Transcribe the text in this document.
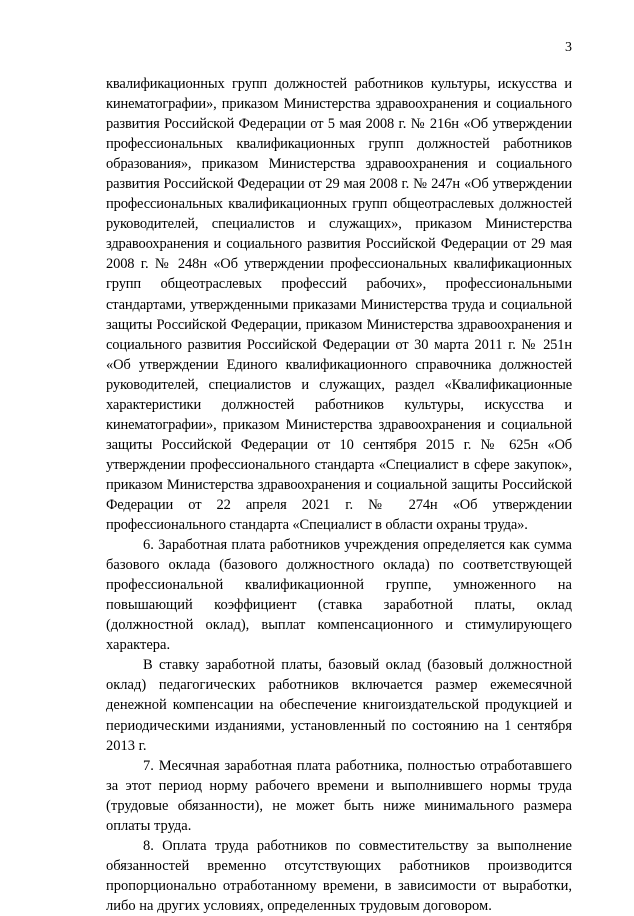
3

квалификационных групп должностей работников культуры, искусства и кинематографии», приказом Министерства здравоохранения и социального развития Российской Федерации от 5 мая 2008 г. № 216н «Об утверждении профессиональных квалификационных групп должностей работников образования», приказом Министерства здравоохранения и социального развития Российской Федерации от 29 мая 2008 г. № 247н «Об утверждении профессиональных квалификационных групп общеотраслевых должностей руководителей, специалистов и служащих», приказом Министерства здравоохранения и социального развития Российской Федерации от 29 мая 2008 г. № 248н «Об утверждении профессиональных квалификационных групп общеотраслевых профессий рабочих», профессиональными стандартами, утвержденными приказами Министерства труда и социальной защиты Российской Федерации, приказом Министерства здравоохранения и социального развития Российской Федерации от 30 марта 2011 г. № 251н «Об утверждении Единого квалификационного справочника должностей руководителей, специалистов и служащих, раздел «Квалификационные характеристики должностей работников культуры, искусства и кинематографии», приказом Министерства здравоохранения и социальной защиты Российской Федерации от 10 сентября 2015 г. № 625н «Об утверждении профессионального стандарта «Специалист в сфере закупок», приказом Министерства здравоохранения и социальной защиты Российской Федерации от 22 апреля 2021 г. № 274н «Об утверждении профессионального стандарта «Специалист в области охраны труда».

6. Заработная плата работников учреждения определяется как сумма базового оклада (базового должностного оклада) по соответствующей профессиональной квалификационной группе, умноженного на повышающий коэффициент (ставка заработной платы, оклад (должностной оклад), выплат компенсационного и стимулирующего характера.

В ставку заработной платы, базовый оклад (базовый должностной оклад) педагогических работников включается размер ежемесячной денежной компенсации на обеспечение книгоиздательской продукцией и периодическими изданиями, установленный по состоянию на 1 сентября 2013 г.

7. Месячная заработная плата работника, полностью отработавшего за этот период норму рабочего времени и выполнившего нормы труда (трудовые обязанности), не может быть ниже минимального размера оплаты труда.

8. Оплата труда работников по совместительству за выполнение обязанностей временно отсутствующих работников производится пропорционально отработанному времени, в зависимости от выработки, либо на других условиях, определенных трудовым договором.
